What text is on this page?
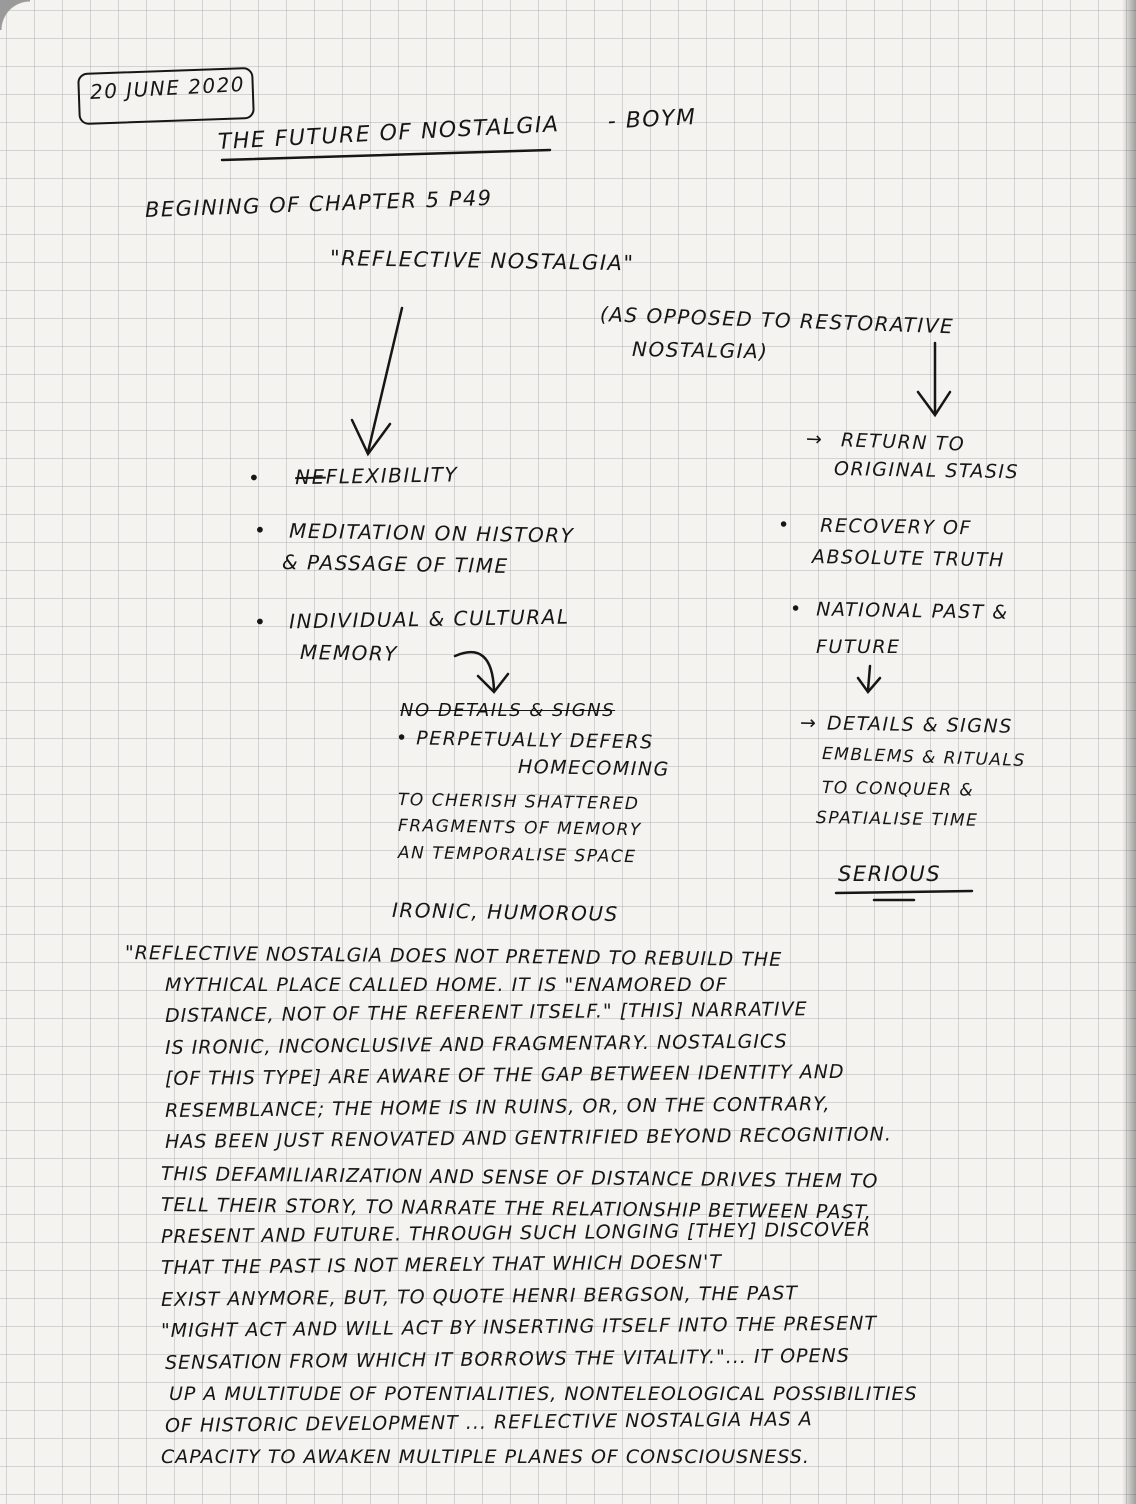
20 JUNE 2020
THE FUTURE OF NOSTALGIA - BOYM
BEGINING OF CHAPTER 5 P49
"REFLECTIVE NOSTALGIA"
(AS OPPOSED TO RESTORATIVE
NOSTALGIA)
• NEFLEXIBILITY
• MEDITATION ON HISTORY
& PASSAGE OF TIME
• INDIVIDUAL & CULTURAL
MEMORY
NO DETAILS & SIGNS
• PERPETUALLY DEFERS
HOMECOMING
TO CHERISH SHATTERED
FRAGMENTS OF MEMORY
AN TEMPORALISE SPACE
IRONIC, HUMOROUS
→ RETURN TO
ORIGINAL STASIS
• RECOVERY OF
ABSOLUTE TRUTH
• NATIONAL PAST &
FUTURE
→ DETAILS & SIGNS
EMBLEMS & RITUALS
TO CONQUER &
SPATIALISE TIME
SERIOUS
"REFLECTIVE NOSTALGIA DOES NOT PRETEND TO REBUILD THE
MYTHICAL PLACE CALLED HOME. IT IS "ENAMORED OF
DISTANCE, NOT OF THE REFERENT ITSELF." [THIS] NARRATIVE
IS IRONIC, INCONCLUSIVE AND FRAGMENTARY. NOSTALGICS
[OF THIS TYPE] ARE AWARE OF THE GAP BETWEEN IDENTITY AND
RESEMBLANCE; THE HOME IS IN RUINS, OR, ON THE CONTRARY,
HAS BEEN JUST RENOVATED AND GENTRIFIED BEYOND RECOGNITION.
THIS DEFAMILIARIZATION AND SENSE OF DISTANCE DRIVES THEM TO
TELL THEIR STORY, TO NARRATE THE RELATIONSHIP BETWEEN PAST,
PRESENT AND FUTURE. THROUGH SUCH LONGING [THEY] DISCOVER
THAT THE PAST IS NOT MERELY THAT WHICH DOESN'T
EXIST ANYMORE, BUT, TO QUOTE HENRI BERGSON, THE PAST
"MIGHT ACT AND WILL ACT BY INSERTING ITSELF INTO THE PRESENT
SENSATION FROM WHICH IT BORROWS THE VITALITY."... IT OPENS
UP A MULTITUDE OF POTENTIALITIES, NONTELEOLOGICAL POSSIBILITIES
OF HISTORIC DEVELOPMENT ... REFLECTIVE NOSTALGIA HAS A
CAPACITY TO AWAKEN MULTIPLE PLANES OF CONSCIOUSNESS.
